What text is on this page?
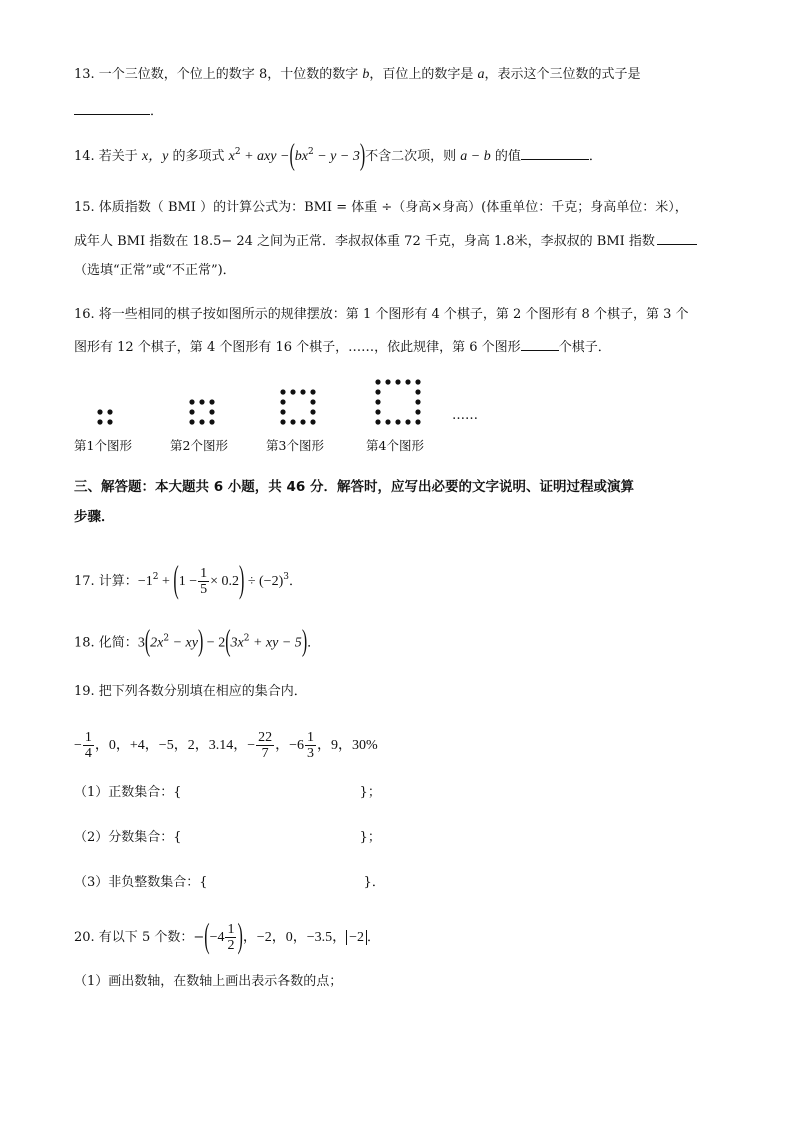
13. 一个三位数，个位上的数字 8，十位数的数字 b，百位上的数字是 a，表示这个三位数的式子是
．
14. 若关于 x，y 的多项式 $x^2$ + axy $-(bx^2 - y - 3)$不含二次项，则 a − b 的值	．
15. 体质指数（ BMI ）的计算公式为：BMI = 体重 ÷（身高×身高）(体重单位：千克；身高单位：米），
成年人 BMI 指数在 18.5− 24 之间为正常．李叔叔体重 72 千克，身高 1.8米，李叔叔的 BMI 指数
（选填“正常”或“不正常”)．
16. 将一些相同的棋子按如图所示的规律摆放：第 1 个图形有 4 个棋子，第 2 个图形有 8 个棋子，第 3 个
图形有 12 个棋子，第 4 个图形有 16 个棋子，……，依此规律，第 6 个图形	个棋子．
……
第1个图形	第2个图形	第3个图形	第4个图形
三、解答题：本大题共 6 小题，共 46 分．解答时，应写出必要的文字说明、证明过程或演算
步骤．
17. 计算：$-1^2 + (1 - \frac{1}{5} \times 0.2) \div (-2)^3$．
18. 化简：$3(2x^2 - xy) - 2(3x^2$ + xy − 5)．
19. 把下列各数分别填在相应的集合内．
− $\frac{1}{4}$ ，0，+4，−5，2，3.14，− $\frac{22}{7}$ ，$-6 \frac{1}{3}$ ，9，30%
（1）正数集合：{	}；
（2）分数集合：{	}；
（3）非负整数集合：{	}．
20. 有以下 5 个数：$-(-4 \frac{1}{2}$ )，−2，0，−3.5， −2 ．
（1）画出数轴，在数轴上画出表示各数的点；
